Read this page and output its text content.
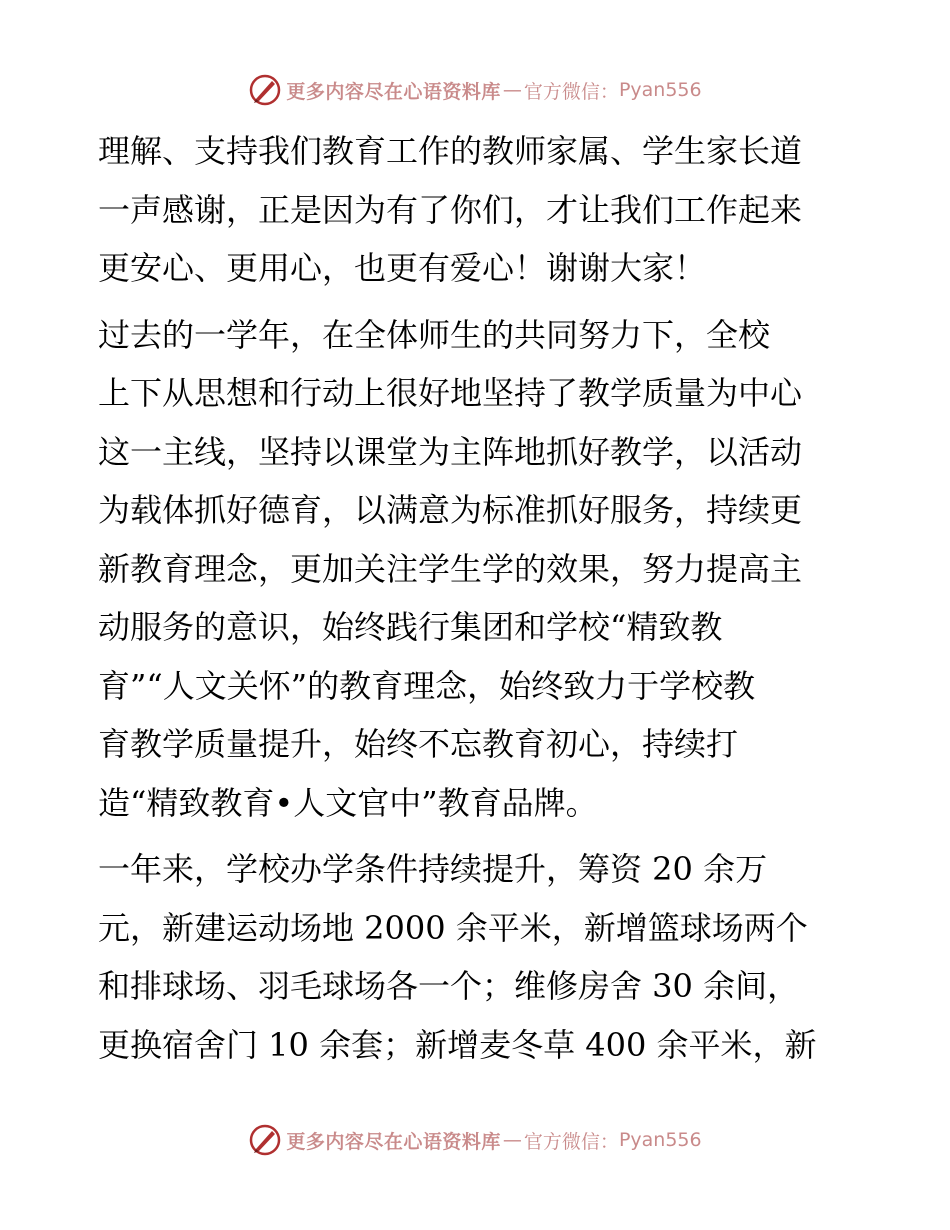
更多内容尽在心语资料库 — 官方微信： Pyan556

理解、支持我们教育工作的教师家属、学生家长道
一声感谢，正是因为有了你们，才让我们工作起来
更安心、更用心，也更有爱心！谢谢大家！

过去的一学年，在全体师生的共同努力下，全校
上下从思想和行动上很好地坚持了教学质量为中心
这一主线，坚持以课堂为主阵地抓好教学，以活动
为载体抓好德育，以满意为标准抓好服务，持续更
新教育理念，更加关注学生学的效果，努力提高主
动服务的意识，始终践行集团和学校“精致教
育”“人文关怀”的教育理念，始终致力于学校教
育教学质量提升，始终不忘教育初心，持续打
造“精致教育•人文官中”教育品牌。

一年来，学校办学条件持续提升，筹资 20 余万
元，新建运动场地 2000 余平米，新增篮球场两个
和排球场、羽毛球场各一个；维修房舍 30 余间，
更换宿舍门 10 余套；新增麦冬草 400 余平米，新

更多内容尽在心语资料库 — 官方微信： Pyan556
